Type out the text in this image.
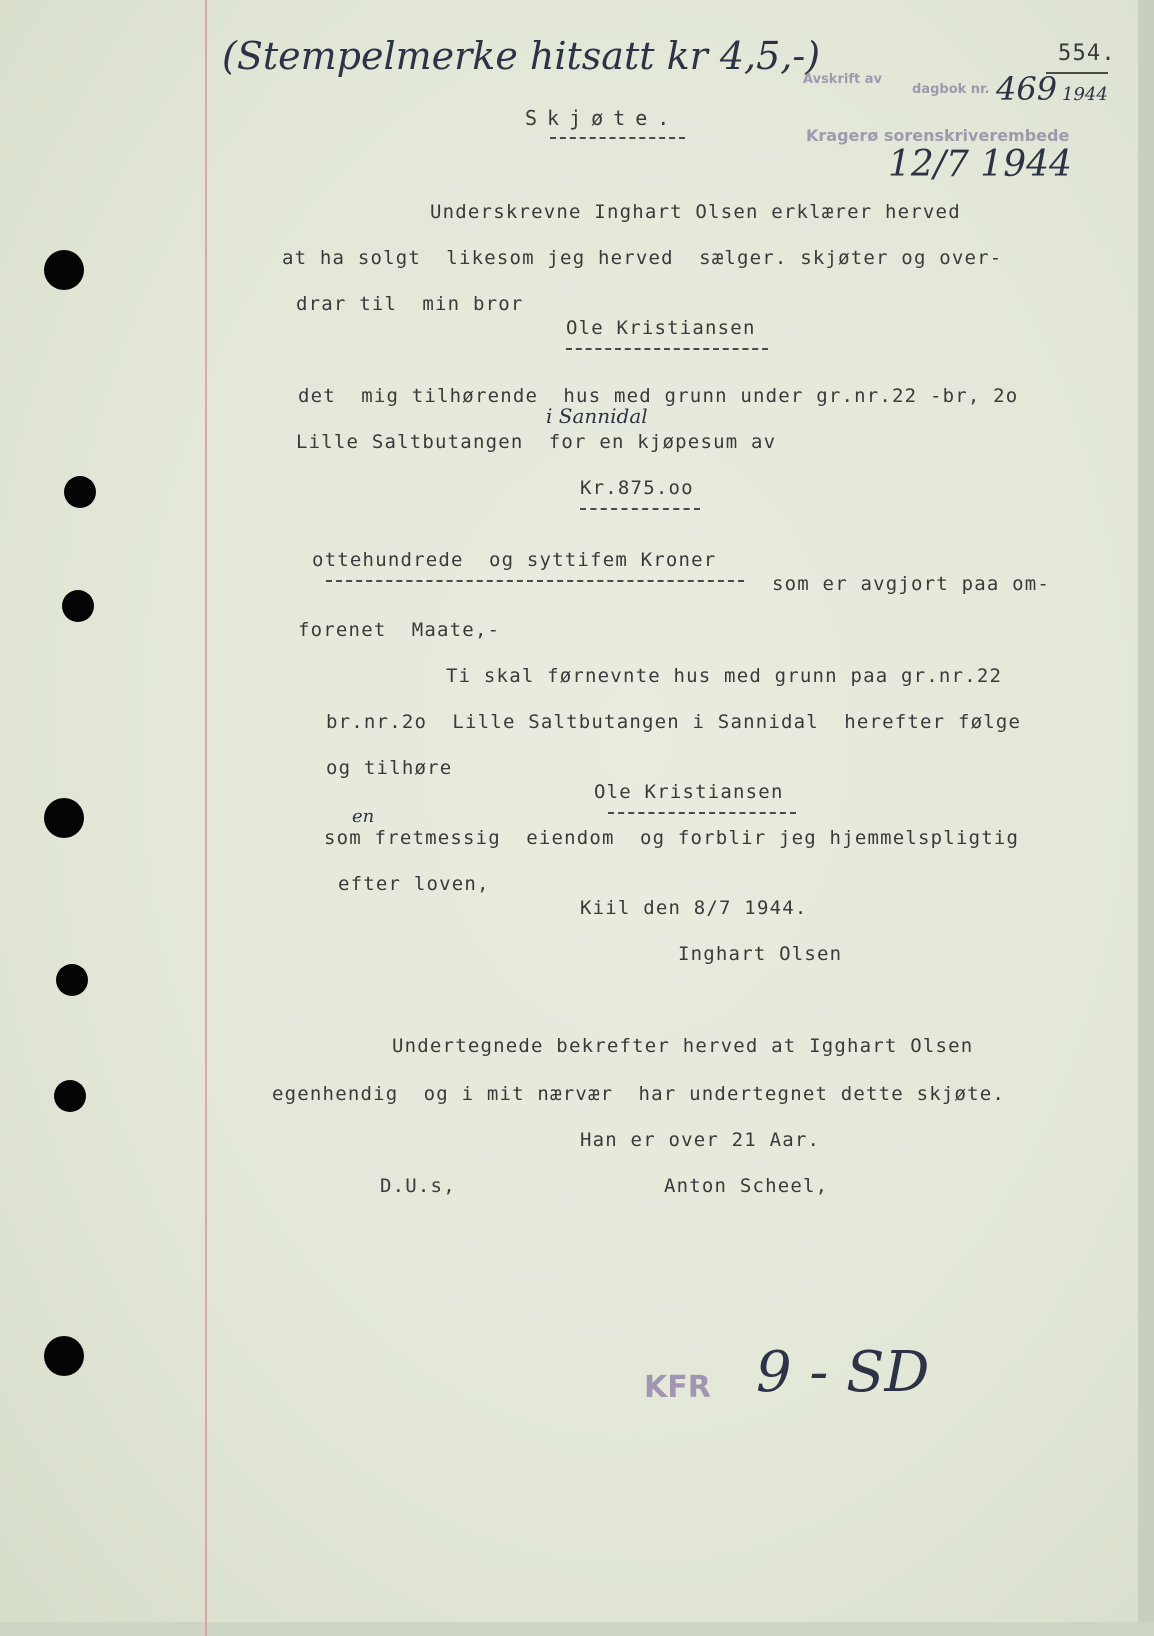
(Stempelmerke hitsatt kr 4,5,-)	554.
Avskrift av
dagbok nr.
Kragerø sorenskriverembede
469 1944
12/7 1944
Skjøte.
Underskrevne Inghart Olsen erklærer herved
at ha solgt  likesom jeg herved  sælger. skjøter og over-
drar til  min bror
Ole Kristiansen
det  mig tilhørende  hus med grunn under gr.nr.22 -br, 2o
i Sannidal
Lille Saltbutangen  for en kjøpesum av
Kr.875.oo
ottehundrede  og syttifem Kroner
som er avgjort paa om-
forenet  Maate,-
Ti skal førnevnte hus med grunn paa gr.nr.22
br.nr.2o  Lille Saltbutangen i Sannidal  herefter følge
og tilhøre
Ole Kristiansen
en
som fretmessig  eiendom  og forblir jeg hjemmelspligtig
efter loven,
Kiil den 8/7 1944.
Inghart Olsen
Undertegnede bekrefter herved at Igghart Olsen
egenhendig  og i mit nærvær  har undertegnet dette skjøte.
Han er over 21 Aar.
D.U.s,	Anton Scheel,
KFR 9 - SD
